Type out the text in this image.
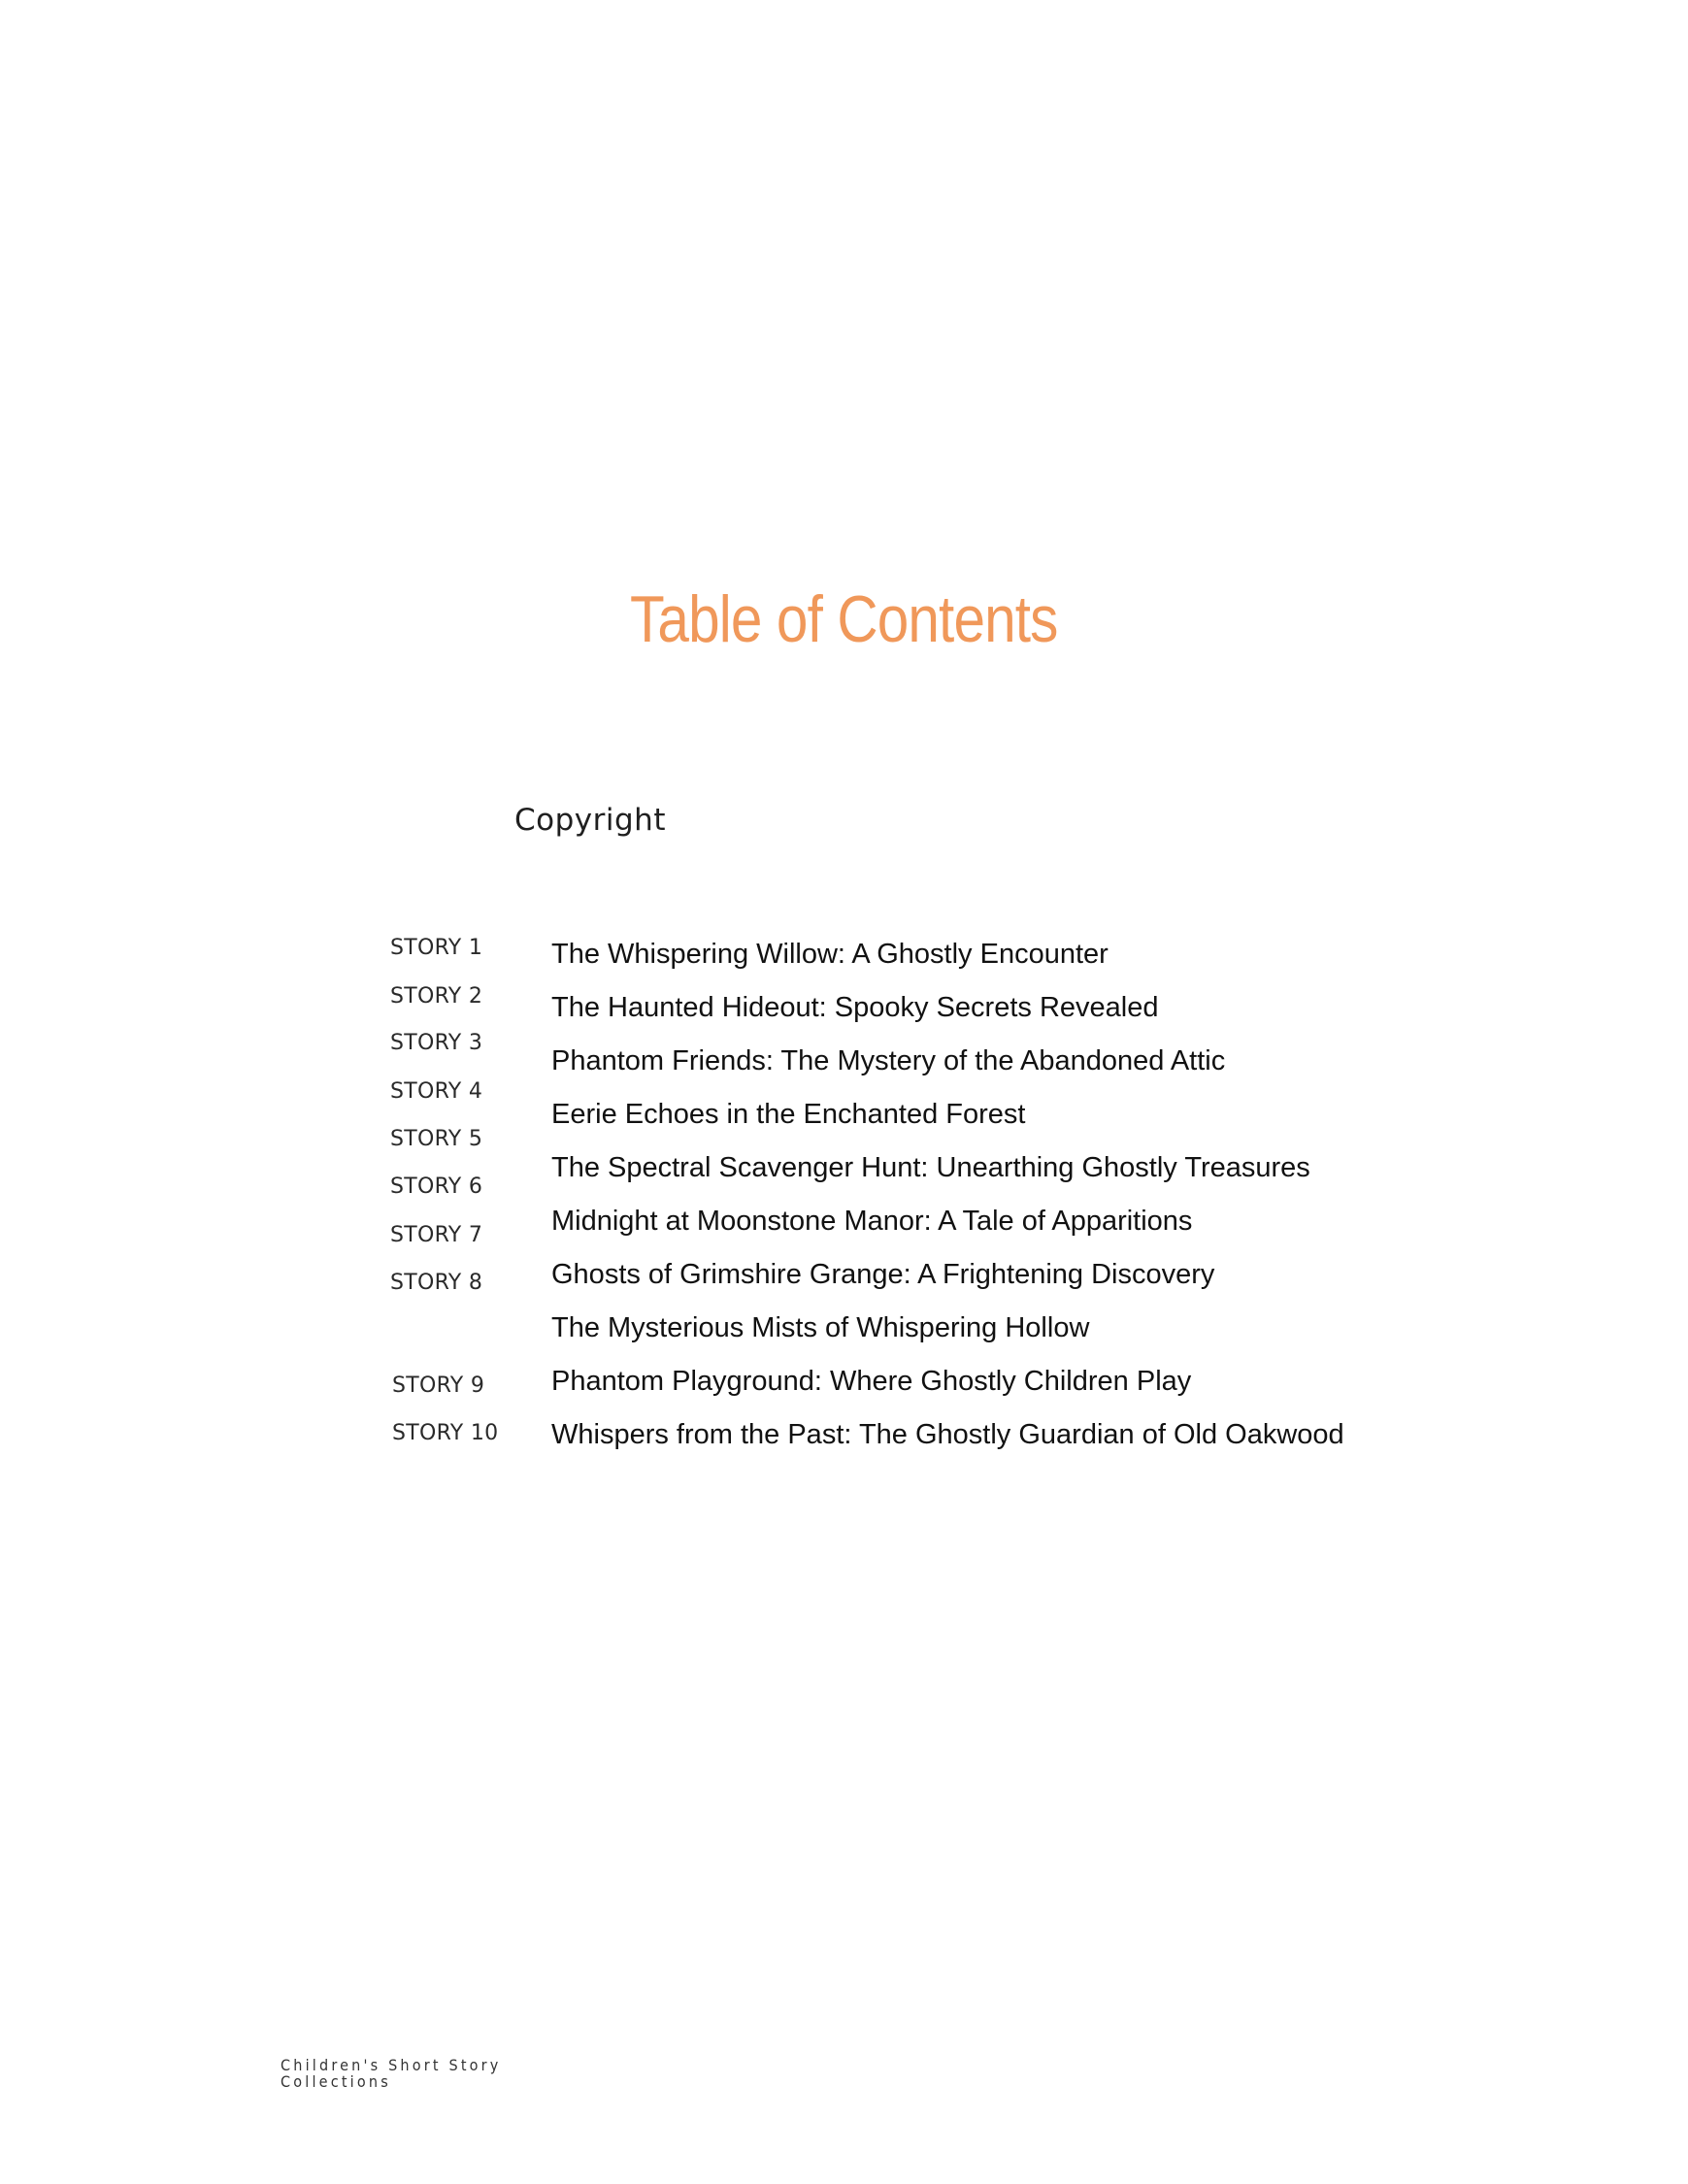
Table of Contents
Copyright
STORY 1
STORY 2
STORY 3
STORY 4
STORY 5
STORY 6
STORY 7
STORY 8
STORY 9
STORY 10
The Whispering Willow: A Ghostly Encounter
The Haunted Hideout: Spooky Secrets Revealed
Phantom Friends: The Mystery of the Abandoned Attic
Eerie Echoes in the Enchanted Forest
The Spectral Scavenger Hunt: Unearthing Ghostly Treasures
Midnight at Moonstone Manor: A Tale of Apparitions
Ghosts of Grimshire Grange: A Frightening Discovery
The Mysterious Mists of Whispering Hollow
Phantom Playground: Where Ghostly Children Play
Whispers from the Past: The Ghostly Guardian of Old Oakwood
Children's Short Story
Collections
